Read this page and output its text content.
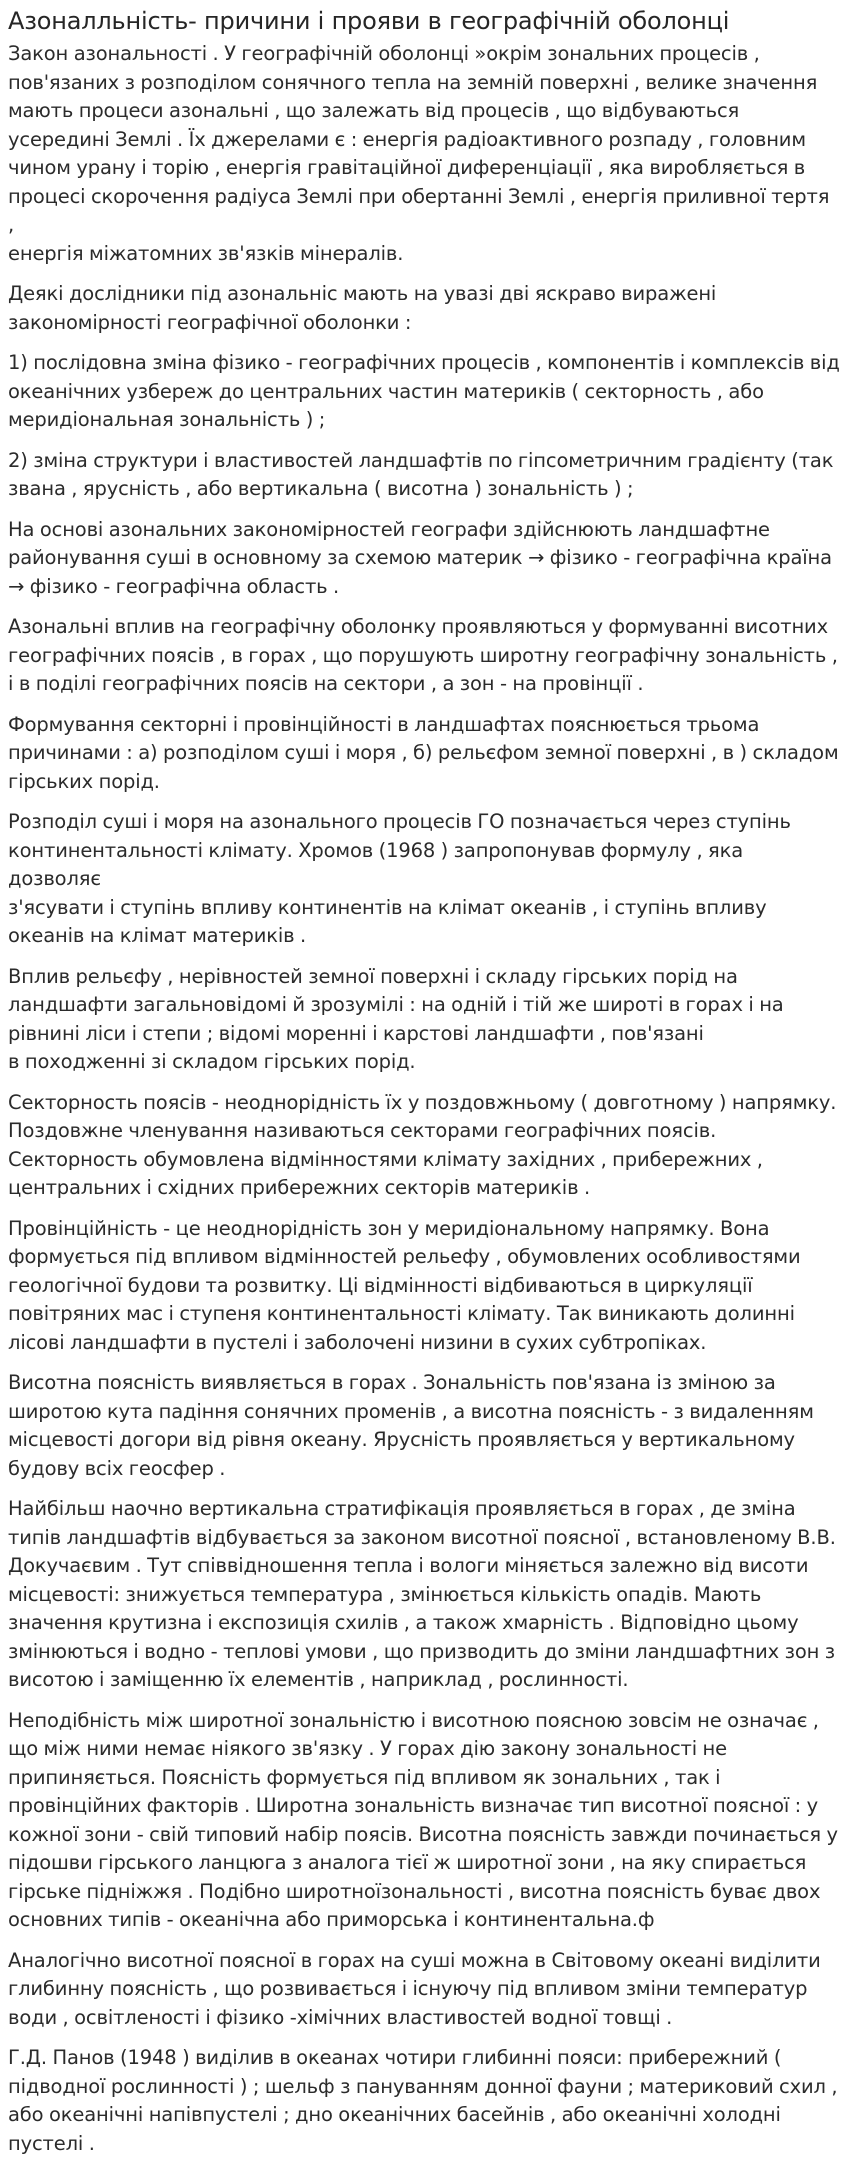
Азоналльність- причини і прояви в географічній оболонці

Закон азональності . У географічній оболонці »окрім зональних процесів ,
пов'язаних з розподілом сонячного тепла на земній поверхні , велике значення
мають процеси азональні , що залежать від процесів , що відбуваються
усередині Землі . Їх джерелами є : енергія радіоактивного розпаду , головним
чином урану і торію , енергія гравітаційної диференціації , яка виробляється в
процесі скорочення радіуса Землі при обертанні Землі , енергія приливної тертя ,
енергія міжатомних зв'язків мінералів.

Деякі дослідники під азональніс мають на увазі дві яскраво виражені
закономірності географічної оболонки :

1) послідовна зміна фізико - географічних процесів , компонентів і комплексів від
океанічних узбереж до центральних частин материків ( секторность , або
меридіональная зональність ) ;

2) зміна структури і властивостей ландшафтів по гіпсометричним градієнту (так
звана , ярусність , або вертикальна ( висотна ) зональність ) ;

На основі азональних закономірностей географи здійснюють ландшафтне
районування суші в основному за схемою материк → фізико - географічна країна
→ фізико - географічна область .

Азональні вплив на географічну оболонку проявляються у формуванні висотних
географічних поясів , в горах , що порушують широтну географічну зональність ,
і в поділі географічних поясів на сектори , а зон - на провінції .

Формування секторні і провінційності в ландшафтах пояснюється трьома
причинами : а) розподілом суші і моря , б) рельєфом земної поверхні , в ) складом
гірських порід.

Розподіл суші і моря на азонального процесів ГО позначається через ступінь
континентальності клімату. Хромов (1968 ) запропонував формулу , яка дозволяє
з'ясувати і ступінь впливу континентів на клімат океанів , і ступінь впливу
океанів на клімат материків .

Вплив рельєфу , нерівностей земної поверхні і складу гірських порід на
ландшафти загальновідомі й зрозумілі : на одній і тій же широті в горах і на
рівнині ліси і степи ; відомі моренні і карстові ландшафти , пов'язані
в походженні зі складом гірських порід.

Секторность поясів - неоднорідність їх у поздовжньому ( довготному ) напрямку.
Поздовжне членування називаються секторами географічних поясів.
Секторность обумовлена відмінностями клімату західних , прибережних ,
центральних і східних прибережних секторів материків .

Провінційність - це неоднорідність зон у меридіональному напрямку. Вона
формується під впливом відмінностей рельефу , обумовлених особливостями
геологічної будови та розвитку. Ці відмінності відбиваються в циркуляції
повітряних мас і ступеня континентальності клімату. Так виникають долинні
лісові ландшафти в пустелі і заболочені низини в сухих субтропіках.

Висотна поясність виявляється в горах . Зональність пов'язана із зміною за
широтою кута падіння сонячних променів , а висотна поясність - з видаленням
місцевості догори від рівня океану. Ярусність проявляється у вертикальному
будову всіх геосфер .

Найбільш наочно вертикальна стратифікація проявляється в горах , де зміна
типів ландшафтів відбувається за законом висотної поясної , встановленому В.В.
Докучаєвим . Тут співвідношення тепла і вологи міняється залежно від висоти
місцевості: знижується температура , змінюється кількість опадів. Мають
значення крутизна і експозиція схилів , а також хмарність . Відповідно цьому
змінюються і водно - теплові умови , що призводить до зміни ландшафтних зон з
висотою і заміщенню їх елементів , наприклад , рослинності.

Неподібність між широтної зональністю і висотною поясною зовсім не означає ,
що між ними немає ніякого зв'язку . У горах дію закону зональності не
припиняється. Поясність формується під впливом як зональних , так і
провінційних факторів . Широтна зональність визначає тип висотної поясної : у
кожної зони - свій типовий набір поясів. Висотна поясність завжди починається у
підошви гірського ланцюга з аналога тієї ж широтної зони , на яку спирається
гірське підніжжя . Подібно широтноїзональності , висотна поясність буває двох
основних типів - океанічна або приморська і континентальна.ф

Аналогічно висотної поясної в горах на суші можна в Світовому океані виділити
глибинну поясність , що розвивається і існуючу під впливом зміни температур
води , освітленості і фізико -хімічних властивостей водної товщі .

Г.Д. Панов (1948 ) виділив в океанах чотири глибинні пояси: прибережний (
підводної рослинності ) ; шельф з пануванням донної фауни ; материковий схил ,
або океанічні напівпустелі ; дно океанічних басейнів , або океанічні холодні
пустелі .
